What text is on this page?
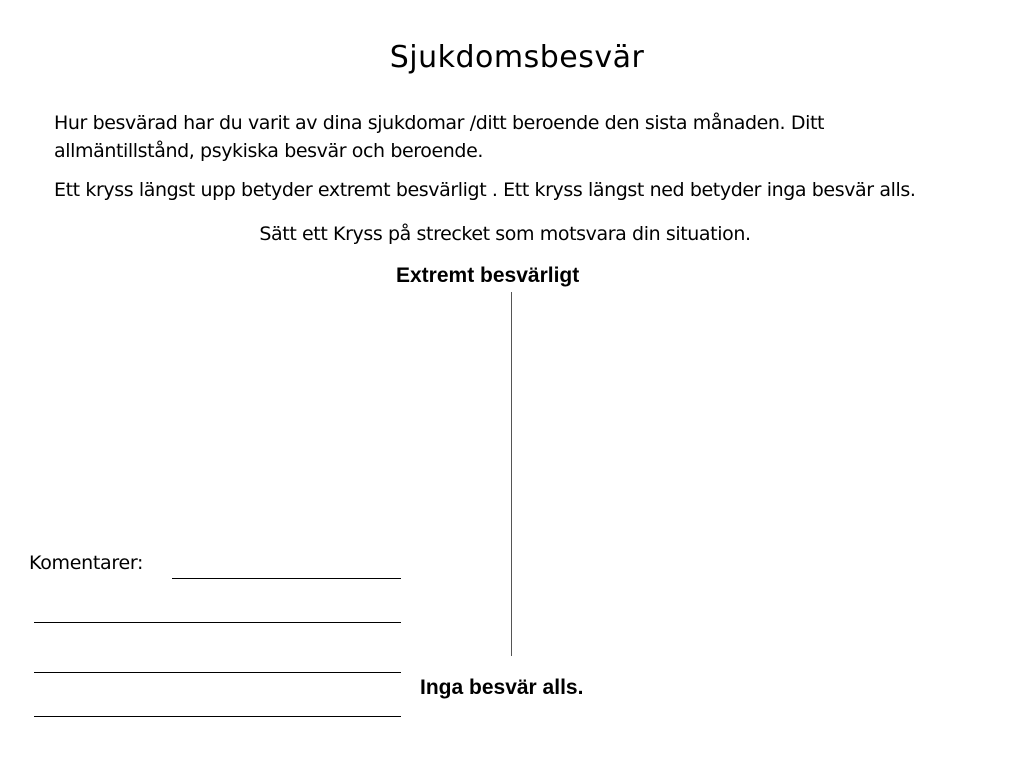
Sjukdomsbesvär

Hur besvärad har du varit av dina sjukdomar /ditt beroende den sista månaden. Ditt allmäntillstånd, psykiska besvär och beroende.

Ett kryss längst upp betyder extremt besvärligt . Ett kryss längst ned betyder inga besvär alls.

Sätt ett Kryss på strecket som motsvara din situation.

Extremt besvärligt
Inga besvär alls.
Komentarer:
